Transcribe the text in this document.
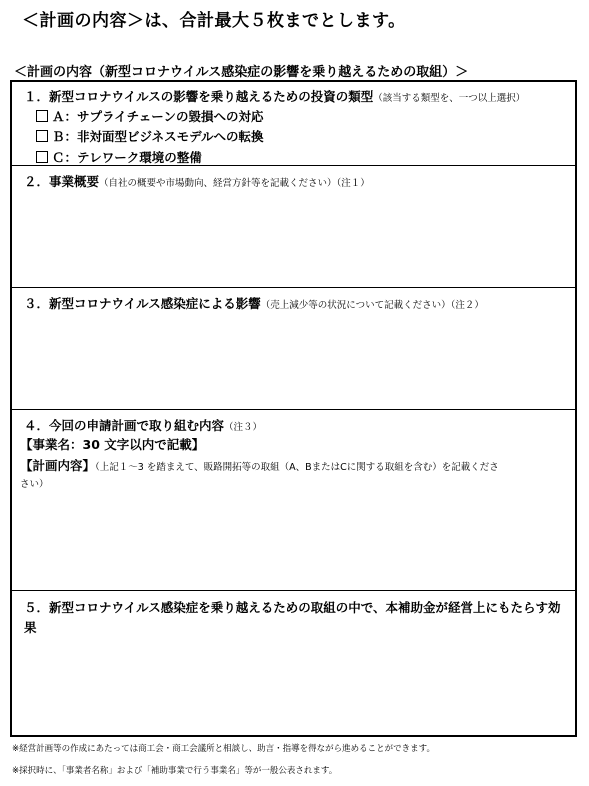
＜計画の内容＞は、合計最大５枚までとします。
＜計画の内容（新型コロナウイルス感染症の影響を乗り越えるための取組）＞
１．新型コロナウイルスの影響を乗り越えるための投資の類型（該当する類型を、一つ以上選択）
Ａ：サプライチェーンの毀損への対応
Ｂ：非対面型ビジネスモデルへの転換
Ｃ：テレワーク環境の整備
２．事業概要（自社の概要や市場動向、経営方針等を記載ください）（注１）
３．新型コロナウイルス感染症による影響（売上減少等の状況について記載ください）（注２）
４．今回の申請計画で取り組む内容（注３）
【事業名：30 文字以内で記載】
【計画内容】（上記１～3 を踏まえて、販路開拓等の取組（A、BまたはCに関する取組を含む）を記載くださ
さい）
５．新型コロナウイルス感染症を乗り越えるための取組の中で、本補助金が経営上にもたらす効果
※経営計画等の作成にあたっては商工会・商工会議所と相談し、助言・指導を得ながら進めることができます。
※採択時に、「事業者名称」および「補助事業で行う事業名」等が一般公表されます。
